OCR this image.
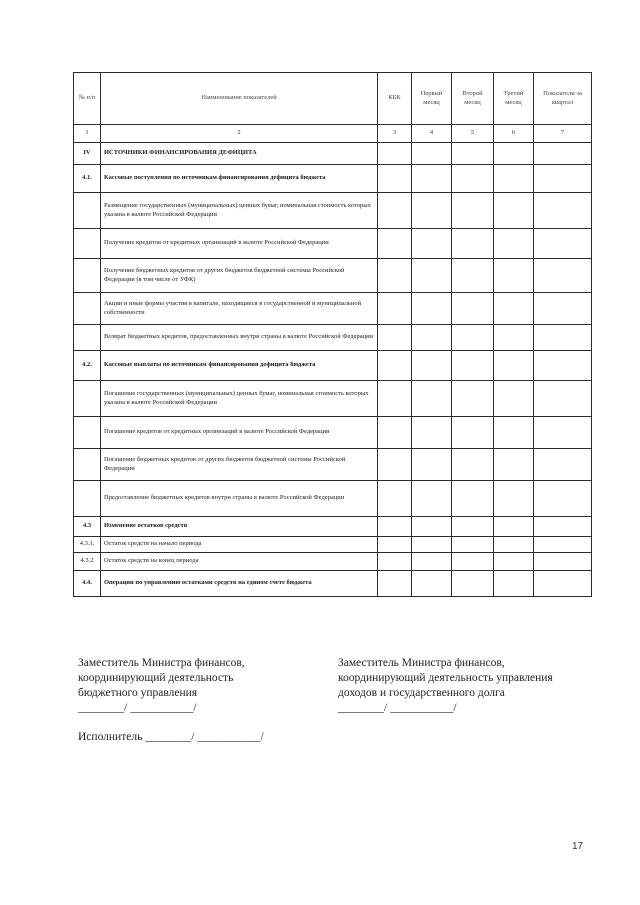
№ п/п	Наименование показателей	КБК	Первый месяц	Второй месяц	Третий месяц	Показатели за квартал
1	2	3	4	5	6	7
IV	ИСТОЧНИКИ ФИНАНСИРОВАНИЯ ДЕФИЦИТА					
4.1.	Кассовые поступления по источникам финансирования дефицита бюджета					
	Размещение государственных (муниципальных) ценных бумаг, номинальная стоимость которых указана в валюте Российской Федерации					
	Получение кредитов от кредитных организаций в валюте Российской Федерации					
	Получение бюджетных кредитов от других бюджетов бюджетной системы Российской Федерации (в том числе от УФК)					
	Акции и иные формы участия в капитале, находящиеся в государственной и муниципальной собственности					
	Возврат бюджетных кредитов, предоставленных внутри страны в валюте Российской Федерации					
4.2.	Кассовые выплаты по источникам финансирования дефицита бюджета					
	Погашение государственных (муниципальных) ценных бумаг, номинальная стоимость которых указана в валюте Российской Федерации					
	Погашение кредитов от кредитных организаций в валюте Российской Федерации					
	Погашение бюджетных кредитов от других бюджетов бюджетной системы Российской Федерации					
	Предоставление бюджетных кредитов внутри страны в валюте Российской Федерации					
4.3	Изменение остатков средств					
4.3.1.	Остаток средств на начало периода					
4.3.2	Остаток средств на конец периода					
4.4.	Операции по управлению остатками средств на едином счете бюджета					
Заместитель Министра финансов,
координирующий деятельность
бюджетного управления
________/ ___________/
Заместитель Министра финансов,
координирующий деятельность управления
доходов и государственного долга
________/ ___________/
Исполнитель ________/ ___________/
17
